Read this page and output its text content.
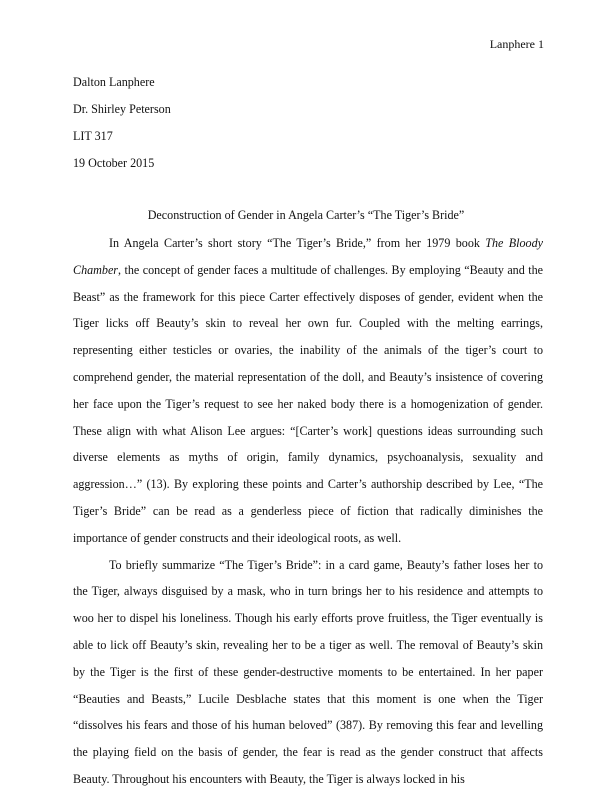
Lanphere 1
Dalton Lanphere
Dr. Shirley Peterson
LIT 317
19 October 2015
Deconstruction of Gender in Angela Carter’s “The Tiger’s Bride”

In Angela Carter’s short story “The Tiger’s Bride,” from her 1979 book The Bloody Chamber, the concept of gender faces a multitude of challenges. By employing “Beauty and the Beast” as the framework for this piece Carter effectively disposes of gender, evident when the Tiger licks off Beauty’s skin to reveal her own fur. Coupled with the melting earrings, representing either testicles or ovaries, the inability of the animals of the tiger’s court to comprehend gender, the material representation of the doll, and Beauty’s insistence of covering her face upon the Tiger’s request to see her naked body there is a homogenization of gender. These align with what Alison Lee argues: “[Carter’s work] questions ideas surrounding such diverse elements as myths of origin, family dynamics, psychoanalysis, sexuality and aggression…” (13). By exploring these points and Carter’s authorship described by Lee, “The Tiger’s Bride” can be read as a genderless piece of fiction that radically diminishes the importance of gender constructs and their ideological roots, as well.

To briefly summarize “The Tiger’s Bride”: in a card game, Beauty’s father loses her to the Tiger, always disguised by a mask, who in turn brings her to his residence and attempts to woo her to dispel his loneliness. Though his early efforts prove fruitless, the Tiger eventually is able to lick off Beauty’s skin, revealing her to be a tiger as well. The removal of Beauty’s skin by the Tiger is the first of these gender-destructive moments to be entertained. In her paper “Beauties and Beasts,” Lucile Desblache states that this moment is one when the Tiger “dissolves his fears and those of his human beloved” (387). By removing this fear and levelling the playing field on the basis of gender, the fear is read as the gender construct that affects Beauty. Throughout his encounters with Beauty, the Tiger is always locked in his
